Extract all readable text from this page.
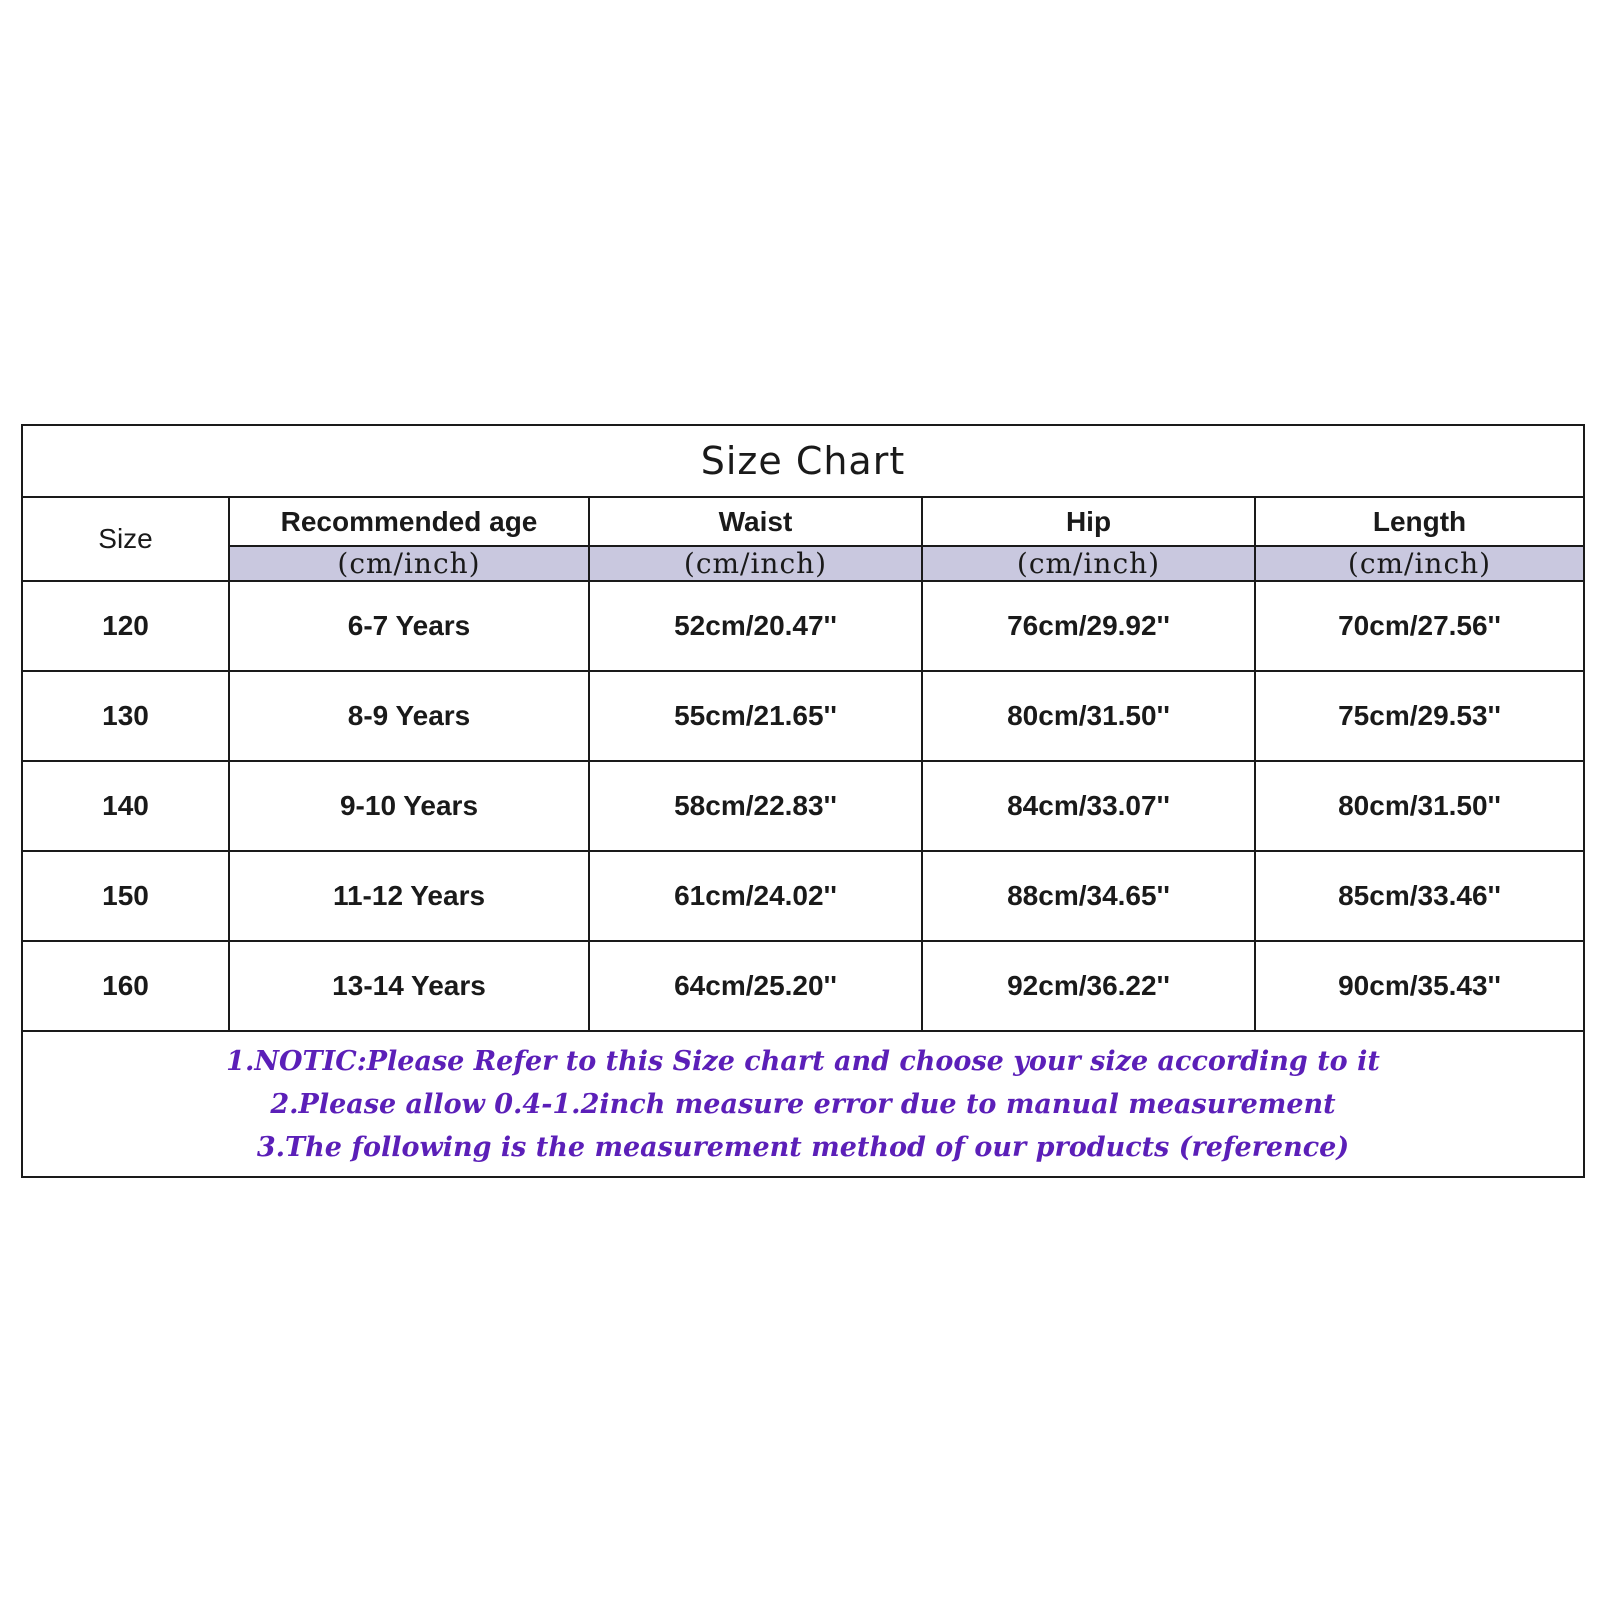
Size Chart
Size	Recommended age	Waist	Hip	Length
	(cm/inch)	(cm/inch)	(cm/inch)	(cm/inch)
120	6-7 Years	52cm/20.47''	76cm/29.92''	70cm/27.56''
130	8-9 Years	55cm/21.65''	80cm/31.50''	75cm/29.53''
140	9-10 Years	58cm/22.83''	84cm/33.07''	80cm/31.50''
150	11-12 Years	61cm/24.02''	88cm/34.65''	85cm/33.46''
160	13-14 Years	64cm/25.20''	92cm/36.22''	90cm/35.43''
1.NOTIC:Please Refer to this Size chart and choose your size according to it
2.Please allow 0.4-1.2inch measure error due to manual measurement
3.The following is the measurement method of our products (reference)
